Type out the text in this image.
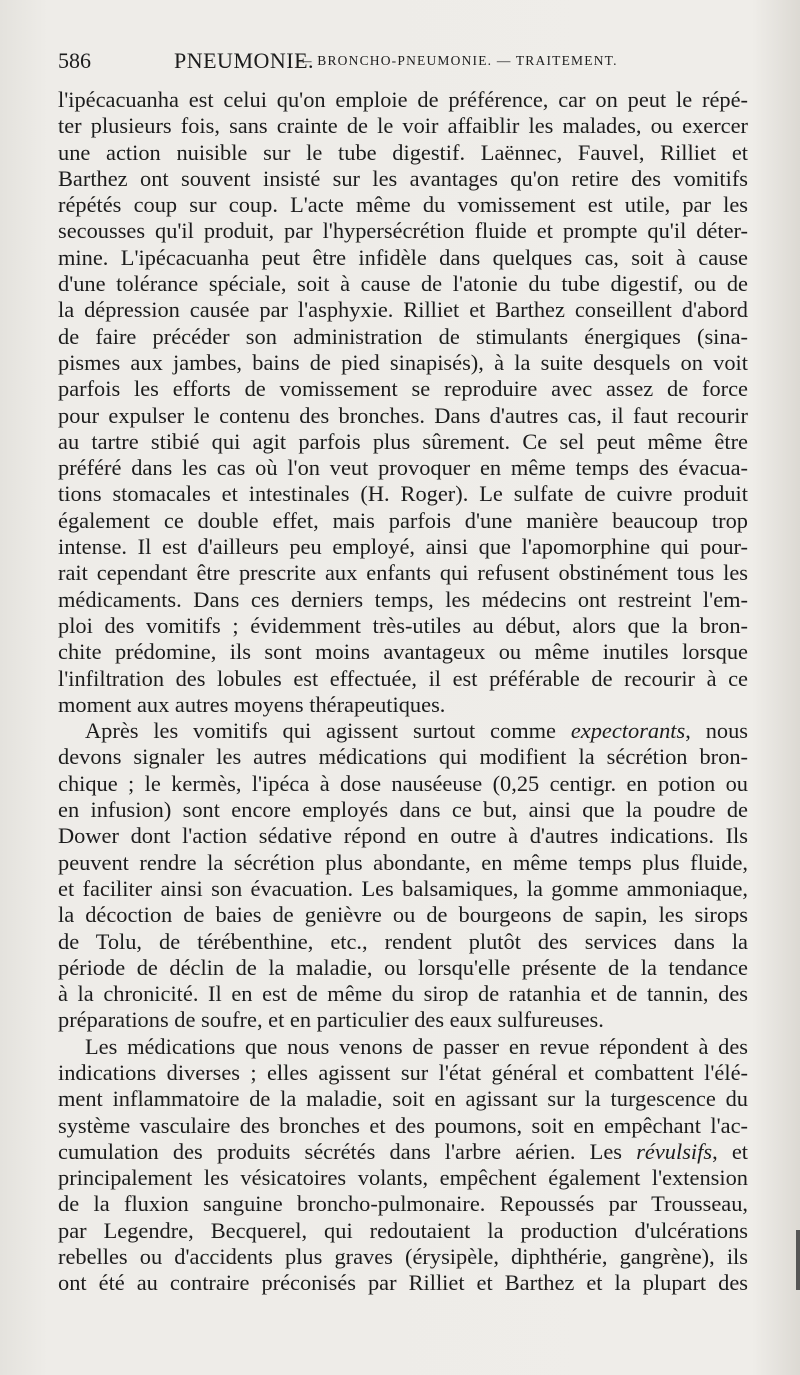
586	PNEUMONIE.
— BRONCHO-PNEUMONIE. — TRAITEMENT.
l'ipécacuanha est celui qu'on emploie de préférence, car on peut le répé-
ter plusieurs fois, sans crainte de le voir affaiblir les malades, ou exercer
une action nuisible sur le tube digestif. Laënnec, Fauvel, Rilliet et
Barthez ont souvent insisté sur les avantages qu'on retire des vomitifs
répétés coup sur coup. L'acte même du vomissement est utile, par les
secousses qu'il produit, par l'hypersécrétion fluide et prompte qu'il déter-
mine. L'ipécacuanha peut être infidèle dans quelques cas, soit à cause
d'une tolérance spéciale, soit à cause de l'atonie du tube digestif, ou de
la dépression causée par l'asphyxie. Rilliet et Barthez conseillent d'abord
de faire précéder son administration de stimulants énergiques (sina-
pismes aux jambes, bains de pied sinapisés), à la suite desquels on voit
parfois les efforts de vomissement se reproduire avec assez de force
pour expulser le contenu des bronches. Dans d'autres cas, il faut recourir
au tartre stibié qui agit parfois plus sûrement. Ce sel peut même être
préféré dans les cas où l'on veut provoquer en même temps des évacua-
tions stomacales et intestinales (H. Roger). Le sulfate de cuivre produit
également ce double effet, mais parfois d'une manière beaucoup trop
intense. Il est d'ailleurs peu employé, ainsi que l'apomorphine qui pour-
rait cependant être prescrite aux enfants qui refusent obstinément tous les
médicaments. Dans ces derniers temps, les médecins ont restreint l'em-
ploi des vomitifs ; évidemment très-utiles au début, alors que la bron-
chite prédomine, ils sont moins avantageux ou même inutiles lorsque
l'infiltration des lobules est effectuée, il est préférable de recourir à ce
moment aux autres moyens thérapeutiques.
Après les vomitifs qui agissent surtout comme expectorants, nous
devons signaler les autres médications qui modifient la sécrétion bron-
chique ; le kermès, l'ipéca à dose nauséeuse (0,25 centigr. en potion ou
en infusion) sont encore employés dans ce but, ainsi que la poudre de
Dower dont l'action sédative répond en outre à d'autres indications. Ils
peuvent rendre la sécrétion plus abondante, en même temps plus fluide,
et faciliter ainsi son évacuation. Les balsamiques, la gomme ammoniaque,
la décoction de baies de genièvre ou de bourgeons de sapin, les sirops
de Tolu, de térébenthine, etc., rendent plutôt des services dans la
période de déclin de la maladie, ou lorsqu'elle présente de la tendance
à la chronicité. Il en est de même du sirop de ratanhia et de tannin, des
préparations de soufre, et en particulier des eaux sulfureuses.
Les médications que nous venons de passer en revue répondent à des
indications diverses ; elles agissent sur l'état général et combattent l'élé-
ment inflammatoire de la maladie, soit en agissant sur la turgescence du
système vasculaire des bronches et des poumons, soit en empêchant l'ac-
cumulation des produits sécrétés dans l'arbre aérien. Les révulsifs, et
principalement les vésicatoires volants, empêchent également l'extension
de la fluxion sanguine broncho-pulmonaire. Repoussés par Trousseau,
par Legendre, Becquerel, qui redoutaient la production d'ulcérations
rebelles ou d'accidents plus graves (érysipèle, diphthérie, gangrène), ils
ont été au contraire préconisés par Rilliet et Barthez et la plupart des
